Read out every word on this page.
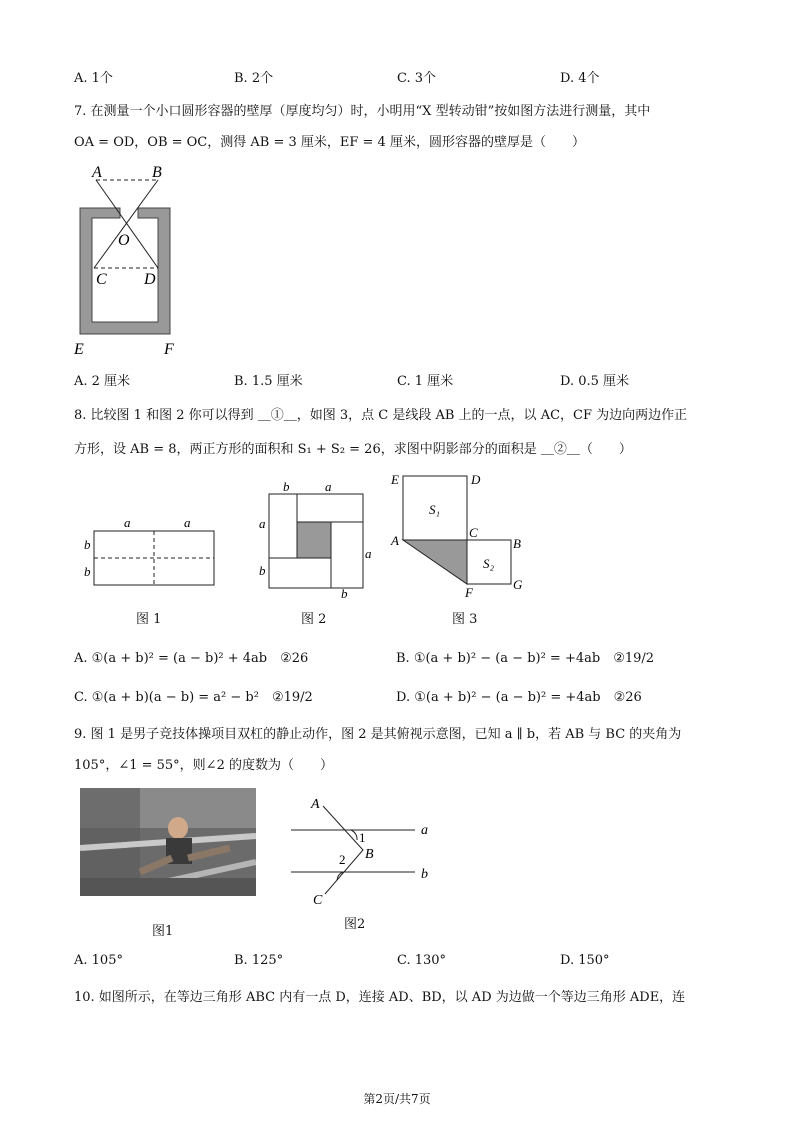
A. 1个	B. 2个	C. 3个	D. 4个
7. 在测量一个小口圆形容器的壁厚（厚度均匀）时，小明用“X 型转动钳”按如图方法进行测量，其中
OA = OD，OB = OC，测得 AB = 3 厘米，EF = 4 厘米，圆形容器的壁厚是（　　）
A	B
O
C D
E	F
A. 2 厘米	B. 1.5 厘米	C. 1 厘米	D. 0.5 厘米
8. 比较图 1 和图 2 你可以得到 ＿①＿，如图 3，点 C 是线段 AB 上的一点，以 AC，CF 为边向两边作正
方形，设 AB = 8，两正方形的面积和 S₁ + S₂ = 26，求图中阴影部分的面积是 ＿②＿（　　）
a	a
b
b
图 1
b	a
a
b
a
b
图 2
E	D
S₁
C
B
A
S₂
F
G
图 3
A. ①(a + b)² = (a − b)² + 4ab　②26	B. ①(a + b)² − (a − b)² = +4ab　②19/2
C. ①(a + b)(a − b) = a² − b²　②19/2	D. ①(a + b)² − (a − b)² = +4ab　②26
9. 图 1 是男子竞技体操项目双杠的静止动作，图 2 是其俯视示意图，已知 a ∥ b，若 AB 与 BC 的夹角为
105°，∠1 = 55°，则∠2 的度数为（　　）
图1
A
1	a
2 B
b
C
图2
A. 105°	B. 125°	C. 130°	D. 150°
10. 如图所示，在等边三角形 ABC 内有一点 D，连接 AD、BD，以 AD 为边做一个等边三角形 ADE，连
第2页/共7页
